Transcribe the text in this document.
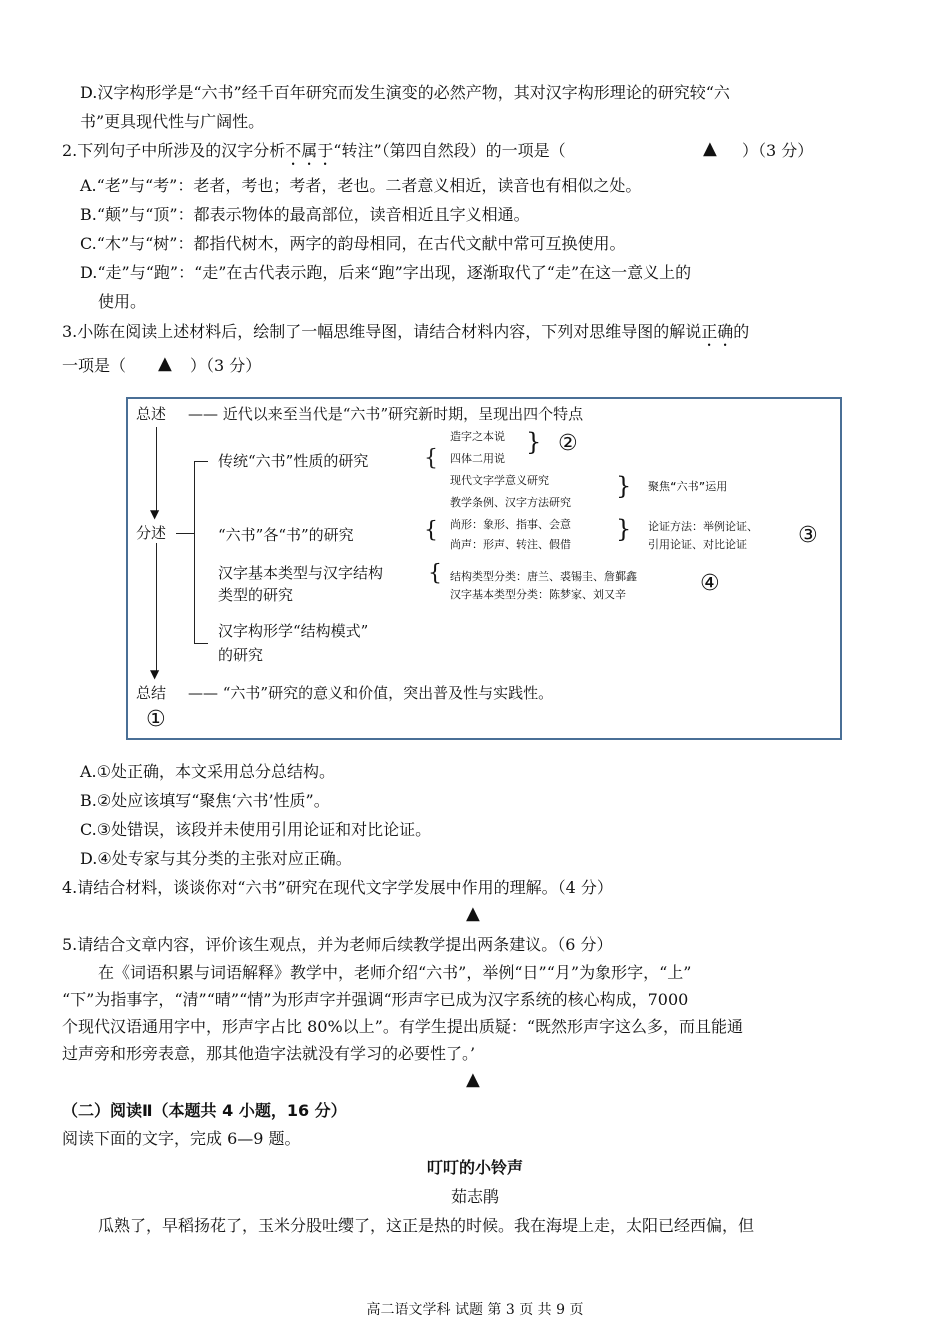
D.汉字构形学是“六书”经千百年研究而发生演变的必然产物，其对汉字构形理论的研究较“六
书”更具现代性与广阔性。
2.下列句子中所涉及的汉字分析不属于“转注”（第四自然段）的一项是（	▲ ）（3 分）
A.“老”与“考”：老者，考也；考者，老也。二者意义相近，读音也有相似之处。
B.“颠”与“顶”：都表示物体的最高部位，读音相近且字义相通。
C.“木”与“树”：都指代树木，两字的韵母相同，在古代文献中常可互换使用。
D.“走”与“跑”：“走”在古代表示跑，后来“跑”字出现，逐渐取代了“走”在这一意义上的
使用。
3.小陈在阅读上述材料后，绘制了一幅思维导图，请结合材料内容，下列对思维导图的解说正确的
一项是（ ▲ ）（3 分）
总述 —— 近代以来至当代是“六书”研究新时期，呈现出四个特点
▼
分述
▼
传统“六书”性质的研究	{
造字之本说
四体二用说
} ②
现代文字学意义研究
教学条例、汉字方法研究
} 聚焦“六书”运用
“六书”各“书”的研究	{ 尚形：象形、指事、会意
尚声：形声、转注、假借
} 论证方法：举例论证、
引用论证、对比论证 ③
汉字基本类型与汉字结构
类型的研究
{ 结构类型分类：唐兰、裘锡圭、詹鄞鑫
汉字基本类型分类：陈梦家、刘又辛	④
汉字构形学“结构模式”
的研究
总结 —— “六书”研究的意义和价值，突出普及性与实践性。
①
A.①处正确，本文采用总分总结构。
B.②处应该填写“聚焦‘六书’性质”。
C.③处错误，该段并未使用引用论证和对比论证。
D.④处专家与其分类的主张对应正确。
4.请结合材料，谈谈你对“六书”研究在现代文字学发展中作用的理解。（4 分）
▲
5.请结合文章内容，评价该生观点，并为老师后续教学提出两条建议。（6 分）
在《词语积累与词语解释》教学中，老师介绍“六书”，举例“日”“月”为象形字，“上”
“下”为指事字，“清”“晴”“情”为形声字并强调“形声字已成为汉字系统的核心构成，7000
个现代汉语通用字中，形声字占比 80%以上”。有学生提出质疑：“既然形声字这么多，而且能通
过声旁和形旁表意，那其他造字法就没有学习的必要性了。’
▲
（二）阅读Ⅱ（本题共 4 小题，16 分）
阅读下面的文字，完成 6—9 题。
叮叮的小铃声
茹志鹃
瓜熟了，早稻扬花了，玉米分股吐缨了，这正是热的时候。我在海堤上走，太阳已经西偏，但
高二语文学科 试题 第 3 页 共 9 页
